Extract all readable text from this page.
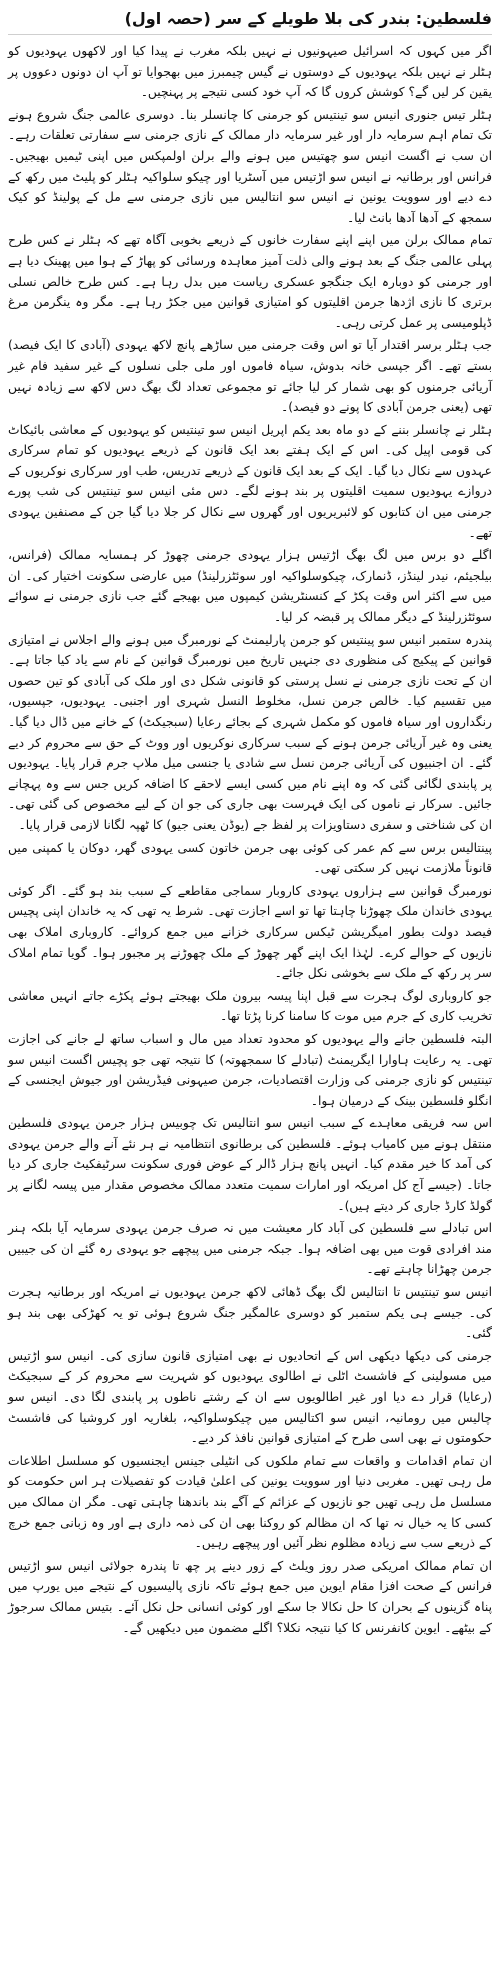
فلسطین: بندر کی بلا طویلے کے سر (حصہ اول)

اگر میں کہوں کہ اسرائیل صیہونیوں نے نہیں بلکہ مغرب نے پیدا کیا اور لاکھوں یہودیوں کو ہٹلر نے نہیں بلکہ یہودیوں کے دوستوں نے گیس چیمبرز میں بھجوایا تو آپ ان دونوں دعووں پر یقین کر لیں گے؟ کوشش کروں گا کہ آپ خود کسی نتیجے پر پہنچیں۔

ہٹلر تیس جنوری انیس سو تینتیس کو جرمنی کا چانسلر بنا۔ دوسری عالمی جنگ شروع ہونے تک تمام اہم سرمایہ دار اور غیر سرمایہ دار ممالک کے نازی جرمنی سے سفارتی تعلقات رہے۔ ان سب نے اگست انیس سو چھتیس میں ہونے والے برلن اولمپکس میں اپنی ٹیمیں بھیجیں۔ فرانس اور برطانیہ نے انیس سو اڑتیس میں آسٹریا اور چیکو سلواکیہ ہٹلر کو پلیٹ میں رکھ کے دے دیے اور سوویت یونین نے انیس سو انتالیس میں نازی جرمنی سے مل کے پولینڈ کو کیک سمجھ کے آدھا آدھا بانٹ لیا۔

تمام ممالک برلن میں اپنے اپنے سفارت خانوں کے ذریعے بخوبی آگاہ تھے کہ ہٹلر نے کس طرح پہلی عالمی جنگ کے بعد ہونے والی ذلت آمیز معاہدہ ورسائی کو پھاڑ کے ہوا میں پھینک دیا ہے اور جرمنی کو دوبارہ ایک جنگجو عسکری ریاست میں بدل رہا ہے۔ کس طرح خالص نسلی برتری کا نازی اژدھا جرمن اقلیتوں کو امتیازی قوانین میں جکڑ رہا ہے۔ مگر وہ ینگرمن مرغ ڈپلومیسی پر عمل کرتی رہی۔

جب ہٹلر برسر اقتدار آیا تو اس وقت جرمنی میں ساڑھے پانچ لاکھ یہودی (آبادی کا ایک فیصد) بستے تھے۔ اگر جپسی خانہ بدوش، سیاہ فاموں اور ملی جلی نسلوں کے غیر سفید فام غیر آریائی جرمنوں کو بھی شمار کر لیا جائے تو مجموعی تعداد لگ بھگ دس لاکھ سے زیادہ نہیں تھی (یعنی جرمن آبادی کا پونے دو فیصد)۔

ہٹلر نے چانسلر بننے کے دو ماہ بعد یکم اپریل انیس سو تینتیس کو یہودیوں کے معاشی بائیکاٹ کی قومی اپیل کی۔ اس کے ایک ہفتے بعد ایک قانون کے ذریعے یہودیوں کو تمام سرکاری عہدوں سے نکال دیا گیا۔ ایک کے بعد ایک قانون کے ذریعے تدریس، طب اور سرکاری نوکریوں کے دروازے یہودیوں سمیت اقلیتوں پر بند ہونے لگے۔ دس مئی انیس سو تینتیس کی شب پورے جرمنی میں ان کتابوں کو لائبریریوں اور گھروں سے نکال کر جلا دیا گیا جن کے مصنفین یہودی تھے۔

اگلے دو برس میں لگ بھگ اڑتیس ہزار یہودی جرمنی چھوڑ کر ہمسایہ ممالک (فرانس، بیلجیئم، نیدر لینڈز، ڈنمارک، چیکوسلواکیہ اور سوئٹزرلینڈ) میں عارضی سکونت اختیار کی۔ ان میں سے اکثر اس وقت پکڑ کے کنسنٹریشن کیمپوں میں بھیجے گئے جب نازی جرمنی نے سوائے سوئٹزرلینڈ کے دیگر ممالک پر قبضہ کر لیا۔

پندرہ ستمبر انیس سو پینتیس کو جرمن پارلیمنٹ کے نورمبرگ میں ہونے والے اجلاس نے امتیازی قوانین کے پیکیج کی منظوری دی جنہیں تاریخ میں نورمبرگ قوانین کے نام سے یاد کیا جاتا ہے۔ ان کے تحت نازی جرمنی نے نسل پرستی کو قانونی شکل دی اور ملک کی آبادی کو تین حصوں میں تقسیم کیا۔ خالص جرمن نسل، مخلوط النسل شہری اور اجنبی۔ یہودیوں، جپسیوں، رنگداروں اور سیاہ فاموں کو مکمل شہری کے بجائے رعایا (سبجیکٹ) کے خانے میں ڈال دیا گیا۔ یعنی وہ غیر آریائی جرمن ہونے کے سبب سرکاری نوکریوں اور ووٹ کے حق سے محروم کر دیے گئے۔ ان اجنبیوں کی آریائی جرمن نسل سے شادی یا جنسی میل ملاپ جرم قرار پایا۔ یہودیوں پر پابندی لگائی گئی کہ وہ اپنے نام میں کسی ایسے لاحقے کا اضافہ کریں جس سے وہ پہچانے جائیں۔ سرکار نے ناموں کی ایک فہرست بھی جاری کی جو ان کے لیے مخصوص کی گئی تھی۔ ان کی شناختی و سفری دستاویزات پر لفظ جے (یوڈن یعنی جیو) کا ٹھپہ لگانا لازمی قرار پایا۔

پینتالیس برس سے کم عمر کی کوئی بھی جرمن خاتون کسی یہودی گھر، دوکان یا کمپنی میں قانوناً ملازمت نہیں کر سکتی تھی۔

نورمبرگ قوانین سے ہزاروں یہودی کاروبار سماجی مقاطعے کے سبب بند ہو گئے۔ اگر کوئی یہودی خاندان ملک چھوڑنا چاہتا تھا تو اسے اجازت تھی۔ شرط یہ تھی کہ یہ خاندان اپنی پچیس فیصد دولت بطور امیگریشن ٹیکس سرکاری خزانے میں جمع کروائے۔ کاروباری املاک بھی نازیوں کے حوالے کرے۔ لہٰذا ایک اپنے گھر چھوڑ کے ملک چھوڑنے پر مجبور ہوا۔ گویا تمام املاک سر پر رکھ کے ملک سے بخوشی نکل جائے۔

جو کاروباری لوگ ہجرت سے قبل اپنا پیسہ بیرون ملک بھیجتے ہوئے پکڑے جاتے انہیں معاشی تخریب کاری کے جرم میں موت کا سامنا کرنا پڑتا تھا۔

البتہ فلسطین جانے والے یہودیوں کو محدود تعداد میں مال و اسباب ساتھ لے جانے کی اجازت تھی۔ یہ رعایت ہاوارا ایگریمنٹ (تبادلے کا سمجھوتہ) کا نتیجہ تھی جو پچیس اگست انیس سو تینتیس کو نازی جرمنی کی وزارت اقتصادیات، جرمن صیہونی فیڈریشن اور جیوش ایجنسی کے انگلو فلسطین بینک کے درمیان ہوا۔

اس سہ فریقی معاہدے کے سبب انیس سو انتالیس تک چوبیس ہزار جرمن یہودی فلسطین منتقل ہونے میں کامیاب ہوئے۔ فلسطین کی برطانوی انتظامیہ نے ہر نئے آنے والے جرمن یہودی کی آمد کا خیر مقدم کیا۔ انہیں پانچ ہزار ڈالر کے عوض فوری سکونت سرٹیفکیٹ جاری کر دیا جاتا۔ (جیسے آج کل امریکہ اور امارات سمیت متعدد ممالک مخصوص مقدار میں پیسہ لگانے پر گولڈ کارڈ جاری کر دیتے ہیں)۔

اس تبادلے سے فلسطین کی آباد کار معیشت میں نہ صرف جرمن یہودی سرمایہ آیا بلکہ ہنر مند افرادی قوت میں بھی اضافہ ہوا۔ جبکہ جرمنی میں پیچھے جو یہودی رہ گئے ان کی جیبیں جرمن چھڑانا چاہتے تھے۔

انیس سو تینتیس تا انتالیس لگ بھگ ڈھائی لاکھ جرمن یہودیوں نے امریکہ اور برطانیہ ہجرت کی۔ جیسے ہی یکم ستمبر کو دوسری عالمگیر جنگ شروع ہوئی تو یہ کھڑکی بھی بند ہو گئی۔

جرمنی کی دیکھا دیکھی اس کے اتحادیوں نے بھی امتیازی قانون سازی کی۔ انیس سو اڑتیس میں مسولینی کے فاشسٹ اٹلی نے اطالوی یہودیوں کو شہریت سے محروم کر کے سبجیکٹ (رعایا) قرار دے دیا اور غیر اطالویوں سے ان کے رشتے ناطوں پر پابندی لگا دی۔ انیس سو چالیس میں رومانیہ، انیس سو اکتالیس میں چیکوسلواکیہ، بلغاریہ اور کروشیا کی فاشسٹ حکومتوں نے بھی اسی طرح کے امتیازی قوانین نافذ کر دیے۔

ان تمام اقدامات و واقعات سے تمام ملکوں کی انٹیلی جینس ایجنسیوں کو مسلسل اطلاعات مل رہی تھیں۔ مغربی دنیا اور سوویت یونین کی اعلیٰ قیادت کو تفصیلات ہر اس حکومت کو مسلسل مل رہی تھیں جو نازیوں کے عزائم کے آگے بند باندھنا چاہتی تھی۔ مگر ان ممالک میں کسی کا یہ خیال نہ تھا کہ ان مظالم کو روکنا بھی ان کی ذمہ داری ہے اور وہ زبانی جمع خرچ کے ذریعے سب سے زیادہ مظلوم نظر آئیں اور پیچھے رہیں۔

ان تمام ممالک امریکی صدر روز ویلٹ کے زور دینے پر چھ تا پندرہ جولائی انیس سو اڑتیس فرانس کے صحت افزا مقام ایوین میں جمع ہوئے تاکہ نازی پالیسیوں کے نتیجے میں یورپ میں پناہ گزینوں کے بحران کا حل نکالا جا سکے اور کوئی انسانی حل نکل آئے۔ بتیس ممالک سرجوڑ کے بیٹھے۔ ایوین کانفرنس کا کیا نتیجہ نکلا؟ اگلے مضمون میں دیکھیں گے۔
